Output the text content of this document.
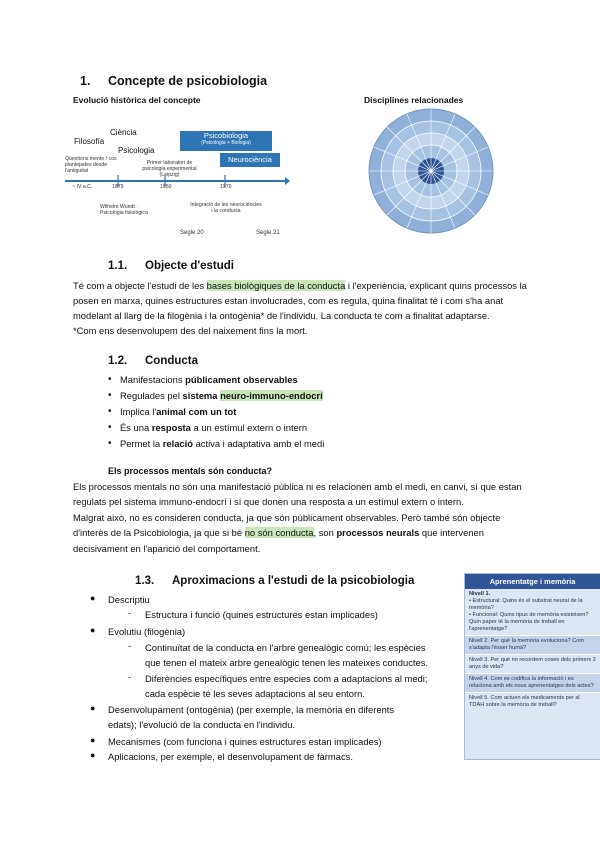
1. Concepte de psicobiologia
Evolució històrica del concepte
Ciència
Filosofía
Psicologia
Psicobiologia
(Psicologia + Biologia)
Neurociència
Qüestions mente / cos plantejades desde l'antiguitat
Primer laboratori de psicologia experimental (Leipzig)
~ IV a.C.	1879	1950	1970
Wilhelm Wundt · Psicologia fisiològica
Integració de les neurociències i la conducta
Segle 20	Segle 21
Disciplines relacionades
1.1. Objecte d'estudi
Té com a objecte l'estudi de les bases biològiques de la conducta i l'experiència, explicant quins processos la
posen en marxa, quines estructures estan involucrades, com es regula, quina finalitat té i com s'ha anat
modelant al llarg de la filogènia i la ontogènia* de l'individu. La conducta te com a finalitat adaptarse.
*Com ens desenvolupem des del naixement fins la mort.
1.2. Conducta
• Manifestacions públicament observables
• Regulades pel sistema neuro-immuno-endocrí
• Implica l'animal com un tot
• És una resposta a un estímul extern o intern
• Permet la relació activa i adaptativa amb el medi
Els processos mentals són conducta?
Els processos mentals no són una manifestació pública ni es relacionen amb el medi, en canvi, sí que estan
regulats pel sistema immuno-endocrí i sí que donen una resposta a un estímul extern o intern.
Malgrat això, no es consideren conducta, ja que són públicament observables. Però també són objecte
d'interès de la Psicobiologia, ja que si bé no són conducta, son processos neurals que intervenen
decisivament en l'aparició del comportament.
1.3. Aproximacions a l'estudi de la psicobiologia
● Descriptiu
- Estructura i funció (quines estructures estan implicades)
● Evolutiu (filogènia)
- Continuïtat de la conducta en l'arbre genealògic comú; les espècies
que tenen el mateix arbre genealògic tenen les mateixes conductes.
- Diferències específiques entre especies com a adaptacions al medi;
cada espècie té les seves adaptacions al seu entorn.
● Desenvolupament (ontogènia) (per exemple, la memòria en diferents
edats); l'evolució de la conducta en l'individu.
● Mecanismes (com funciona i quines estructures estan implicades)
● Aplicacions, per exemple, el desenvolupament de fàrmacs.
Aprenentatge i memòria
Nivell 1.
• Estructural: Quins és el substrat neural de la memòria?
• Funcional: Quins tipus de memòria existeixen? Quin paper té la memòria de treball en l'aprenentatge?
Nivell 2. Per què la memòria evoluciona? Com s'adapta l'ésser humà?
Nivell 3. Per què no recordem coses dels primers 2 anys de vida?
Nivell 4. Com es codifica la informació i es relaciona amb els nous aprenentatges dels actes?
Nivell 5. Com actuen els medicaments per al TDAH sobre la memòria de treball?
